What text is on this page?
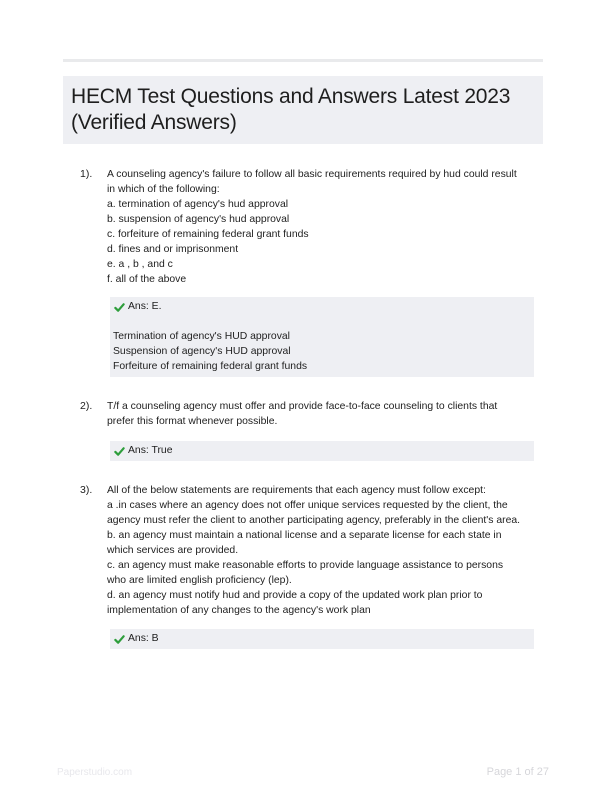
HECM Test Questions and Answers Latest 2023
(Verified Answers)
1). A counseling agency's failure to follow all basic requirements required by hud could result
in which of the following:
a. termination of agency's hud approval
b. suspension of agency's hud approval
c. forfeiture of remaining federal grant funds
d. fines and or imprisonment
e. a , b , and c
f. all of the above
Ans: E.
Termination of agency's HUD approval
Suspension of agency's HUD approval
Forfeiture of remaining federal grant funds
2). T/f a counseling agency must offer and provide face-to-face counseling to clients that
prefer this format whenever possible.
Ans: True
3). All of the below statements are requirements that each agency must follow except:
a .in cases where an agency does not offer unique services requested by the client, the
agency must refer the client to another participating agency, preferably in the client's area.
b. an agency must maintain a national license and a separate license for each state in
which services are provided.
c. an agency must make reasonable efforts to provide language assistance to persons
who are limited english proficiency (lep).
d. an agency must notify hud and provide a copy of the updated work plan prior to
implementation of any changes to the agency's work plan
Ans: B
Paperstudio.com	Page 1 of 27
